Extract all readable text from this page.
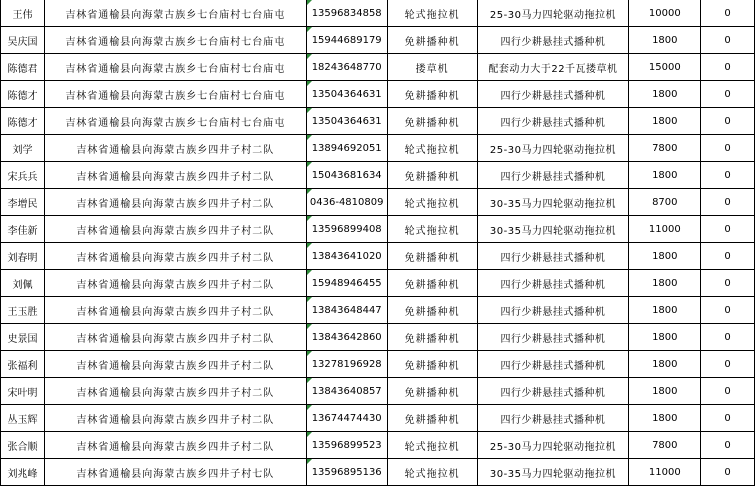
王伟	吉林省通榆县向海蒙古族乡七台庙村七台庙屯	13596834858	轮式拖拉机	25-30马力四轮驱动拖拉机	10000	0
吴庆国	吉林省通榆县向海蒙古族乡七台庙村七台庙屯	15944689179	免耕播种机	四行少耕悬挂式播种机	1800	0
陈德君	吉林省通榆县向海蒙古族乡七台庙村七台庙屯	18243648770	搂草机	配套动力大于22千瓦搂草机	15000	0
陈德才	吉林省通榆县向海蒙古族乡七台庙村七台庙屯	13504364631	免耕播种机	四行少耕悬挂式播种机	1800	0
陈德才	吉林省通榆县向海蒙古族乡七台庙村七台庙屯	13504364631	免耕播种机	四行少耕悬挂式播种机	1800	0
刘学	吉林省通榆县向海蒙古族乡四井子村二队	13894692051	轮式拖拉机	25-30马力四轮驱动拖拉机	7800	0
宋兵兵	吉林省通榆县向海蒙古族乡四井子村二队	15043681634	免耕播种机	四行少耕悬挂式播种机	1800	0
李增民	吉林省通榆县向海蒙古族乡四井子村二队	0436-4810809	轮式拖拉机	30-35马力四轮驱动拖拉机	8700	0
李佳新	吉林省通榆县向海蒙古族乡四井子村二队	13596899408	轮式拖拉机	30-35马力四轮驱动拖拉机	11000	0
刘春明	吉林省通榆县向海蒙古族乡四井子村二队	13843641020	免耕播种机	四行少耕悬挂式播种机	1800	0
刘佩	吉林省通榆县向海蒙古族乡四井子村二队	15948946455	免耕播种机	四行少耕悬挂式播种机	1800	0
王玉胜	吉林省通榆县向海蒙古族乡四井子村二队	13843648447	免耕播种机	四行少耕悬挂式播种机	1800	0
史景国	吉林省通榆县向海蒙古族乡四井子村二队	13843642860	免耕播种机	四行少耕悬挂式播种机	1800	0
张福利	吉林省通榆县向海蒙古族乡四井子村二队	13278196928	免耕播种机	四行少耕悬挂式播种机	1800	0
宋叶明	吉林省通榆县向海蒙古族乡四井子村二队	13843640857	免耕播种机	四行少耕悬挂式播种机	1800	0
丛玉辉	吉林省通榆县向海蒙古族乡四井子村二队	13674474430	免耕播种机	四行少耕悬挂式播种机	1800	0
张合顺	吉林省通榆县向海蒙古族乡四井子村二队	13596899523	轮式拖拉机	25-30马力四轮驱动拖拉机	7800	0
刘兆峰	吉林省通榆县向海蒙古族乡四井子村七队	13596895136	轮式拖拉机	30-35马力四轮驱动拖拉机	11000	0
